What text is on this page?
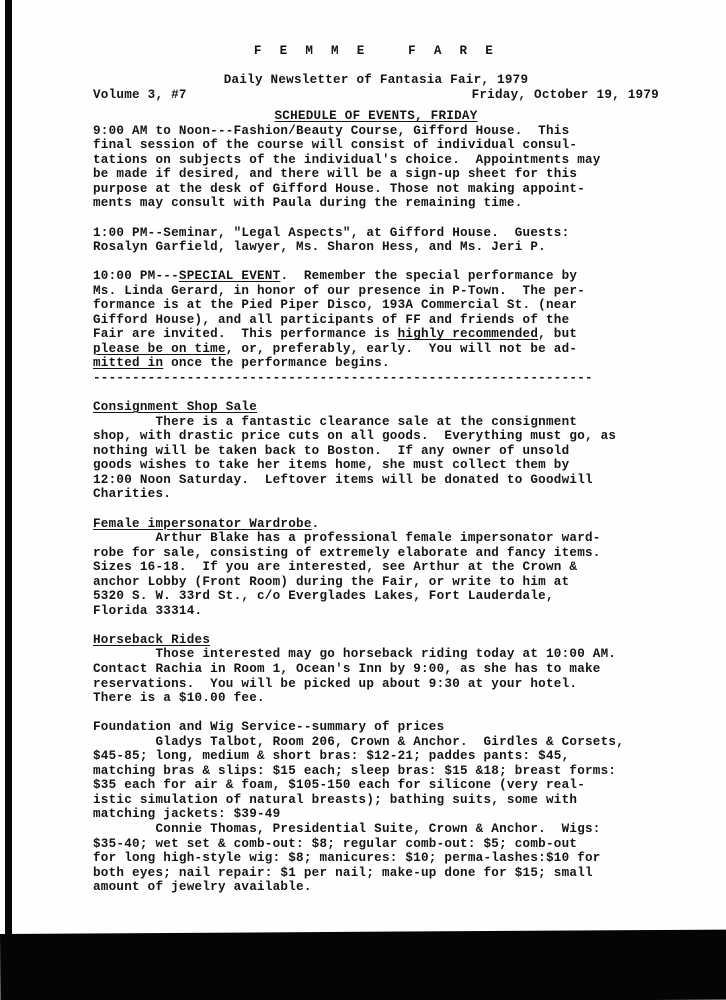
F E M M E   F A R E
Daily Newsletter of Fantasia Fair, 1979
Volume 3, #7	Friday, October 19, 1979
SCHEDULE OF EVENTS, FRIDAY
9:00 AM to Noon---Fashion/Beauty Course, Gifford House.  This
final session of the course will consist of individual consul-
tations on subjects of the individual's choice.  Appointments may
be made if desired, and there will be a sign-up sheet for this
purpose at the desk of Gifford House. Those not making appoint-
ments may consult with Paula during the remaining time.
1:00 PM--Seminar, "Legal Aspects", at Gifford House.  Guests:
Rosalyn Garfield, lawyer, Ms. Sharon Hess, and Ms. Jeri P.
10:00 PM---SPECIAL EVENT.  Remember the special performance by
Ms. Linda Gerard, in honor of our presence in P-Town.  The per-
formance is at the Pied Piper Disco, 193A Commercial St. (near
Gifford House), and all participants of FF and friends of the
Fair are invited.  This performance is highly recommended, but
please be on time, or, preferably, early.  You will not be ad-
mitted in once the performance begins.
----------------------------------------------------------------
Consignment Shop Sale
There is a fantastic clearance sale at the consignment
shop, with drastic price cuts on all goods.  Everything must go, as
nothing will be taken back to Boston.  If any owner of unsold
goods wishes to take her items home, she must collect them by
12:00 Noon Saturday.  Leftover items will be donated to Goodwill
Charities.
Female impersonator Wardrobe.
Arthur Blake has a professional female impersonator ward-
robe for sale, consisting of extremely elaborate and fancy items.
Sizes 16-18.  If you are interested, see Arthur at the Crown &
anchor Lobby (Front Room) during the Fair, or write to him at
5320 S. W. 33rd St., c/o Everglades Lakes, Fort Lauderdale,
Florida 33314.
Horseback Rides
Those interested may go horseback riding today at 10:00 AM.
Contact Rachia in Room 1, Ocean's Inn by 9:00, as she has to make
reservations.  You will be picked up about 9:30 at your hotel.
There is a $10.00 fee.
Foundation and Wig Service--summary of prices
Gladys Talbot, Room 206, Crown & Anchor.  Girdles & Corsets,
$45-85; long, medium & short bras: $12-21; paddes pants: $45,
matching bras & slips: $15 each; sleep bras: $15 &18; breast forms:
$35 each for air & foam, $105-150 each for silicone (very real-
istic simulation of natural breasts); bathing suits, some with
matching jackets: $39-49
Connie Thomas, Presidential Suite, Crown & Anchor.  Wigs:
$35-40; wet set & comb-out: $8; regular comb-out: $5; comb-out
for long high-style wig: $8; manicures: $10; perma-lashes:$10 for
both eyes; nail repair: $1 per nail; make-up done for $15; small
amount of jewelry available.
